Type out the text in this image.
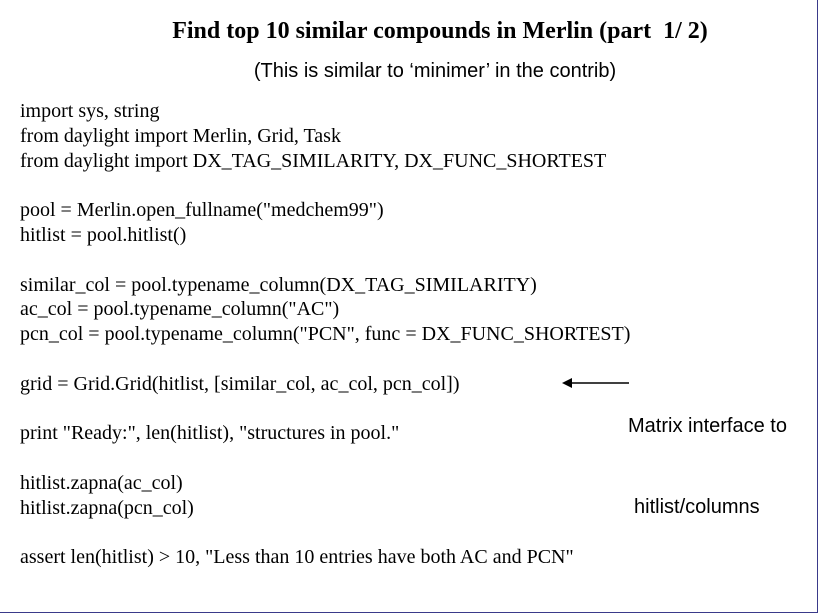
Find top 10 similar compounds in Merlin (part  1/ 2)
(This is similar to ‘minimer’ in the contrib)
import sys, string
from daylight import Merlin, Grid, Task
from daylight import DX_TAG_SIMILARITY, DX_FUNC_SHORTEST
pool = Merlin.open_fullname("medchem99")
hitlist = pool.hitlist()
similar_col = pool.typename_column(DX_TAG_SIMILARITY)
ac_col = pool.typename_column("AC")
pcn_col = pool.typename_column("PCN", func = DX_FUNC_SHORTEST)
grid = Grid.Grid(hitlist, [similar_col, ac_col, pcn_col])
print "Ready:", len(hitlist), "structures in pool."
hitlist.zapna(ac_col)
hitlist.zapna(pcn_col)
assert len(hitlist) > 10, "Less than 10 entries have both AC and PCN"

Matrix interface to

hitlist/columns
